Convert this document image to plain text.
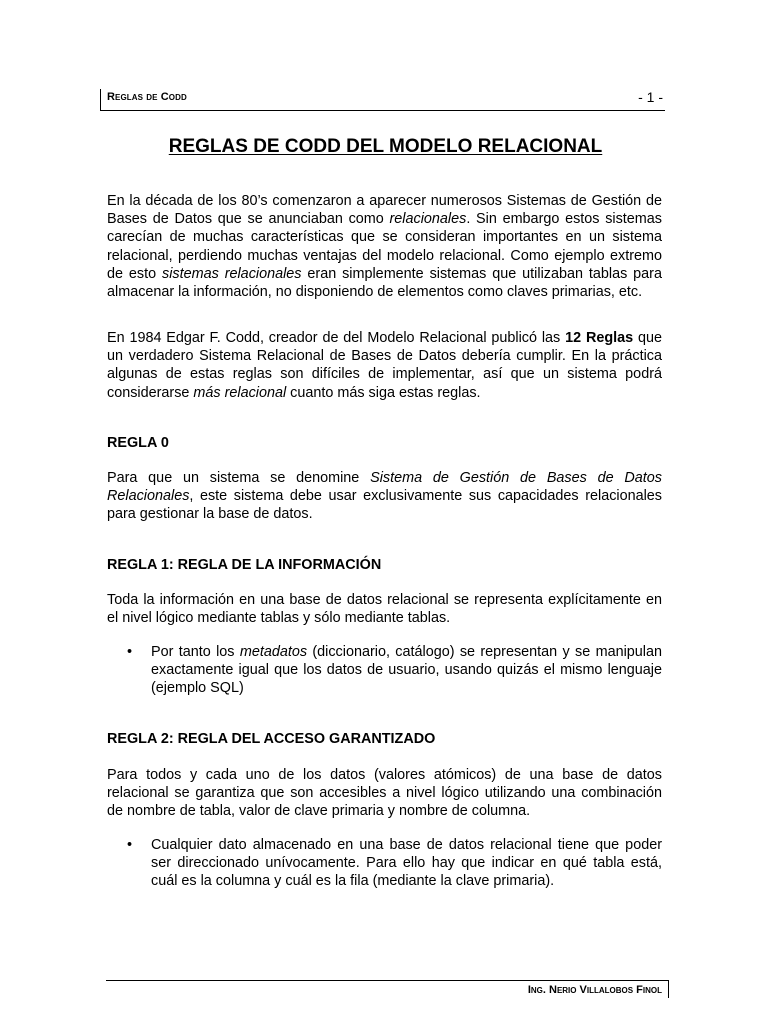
Reglas de Codd	- 1 -
REGLAS DE CODD DEL MODELO RELACIONAL
En la década de los 80’s comenzaron a aparecer numerosos Sistemas de Gestión de Bases de Datos que se anunciaban como relacionales. Sin embargo estos sistemas carecían de muchas características que se consideran importantes en un sistema relacional, perdiendo muchas ventajas del modelo relacional. Como ejemplo extremo de esto sistemas relacionales eran simplemente sistemas que utilizaban tablas para almacenar la información, no disponiendo de elementos como claves primarias, etc.
En 1984 Edgar F. Codd, creador de del Modelo Relacional publicó las 12 Reglas que un verdadero Sistema Relacional de Bases de Datos debería cumplir. En la práctica algunas de estas reglas son difíciles de implementar, así que un sistema podrá considerarse más relacional cuanto más siga estas reglas.
REGLA 0
Para que un sistema se denomine Sistema de Gestión de Bases de Datos Relacionales, este sistema debe usar exclusivamente sus capacidades relacionales para gestionar la base de datos.
REGLA 1: REGLA DE LA INFORMACIÓN
Toda la información en una base de datos relacional se representa explícitamente en el nivel lógico mediante tablas y sólo mediante tablas.
• Por tanto los metadatos (diccionario, catálogo) se representan y se manipulan exactamente igual que los datos de usuario, usando quizás el mismo lenguaje (ejemplo SQL)
REGLA 2: REGLA DEL ACCESO GARANTIZADO
Para todos y cada uno de los datos (valores atómicos) de una base de datos relacional se garantiza que son accesibles a nivel lógico utilizando una combinación de nombre de tabla, valor de clave primaria y nombre de columna.
• Cualquier dato almacenado en una base de datos relacional tiene que poder ser direccionado unívocamente. Para ello hay que indicar en qué tabla está, cuál es la columna y cuál es la fila (mediante la clave primaria).
Ing. Nerio Villalobos Finol
